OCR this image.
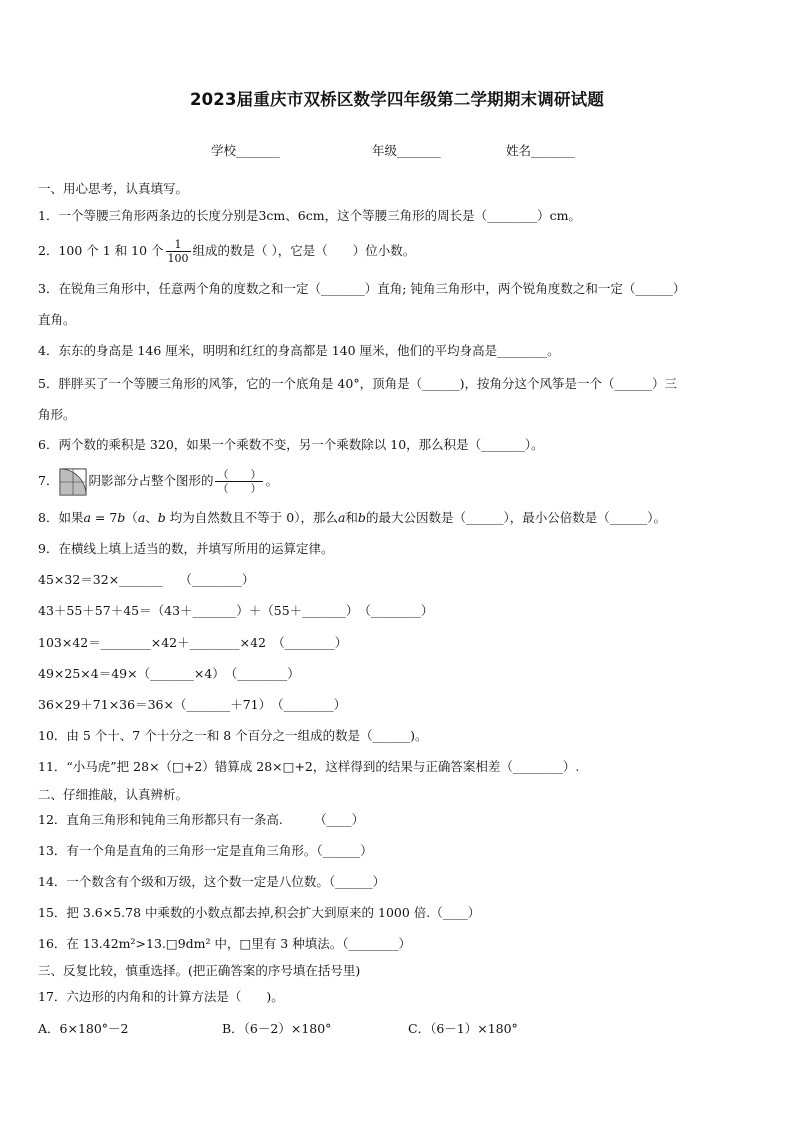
2023届重庆市双桥区数学四年级第二学期期末调研试题
学校_______	年级_______	姓名_______
一、用心思考，认真填写。
1．一个等腰三角形两条边的长度分别是3cm、6cm，这个等腰三角形的周长是（________）cm。
2．100 个 1 和 10 个 $\frac{1}{100}$ 组成的数是（ ），它是（　　）位小数。
3．在锐角三角形中，任意两个角的度数之和一定（_______）直角; 钝角三角形中，两个锐角度数之和一定（______）
直角。
4．东东的身高是 146 厘米，明明和红红的身高都是 140 厘米，他们的平均身高是________。
5．胖胖买了一个等腰三角形的风筝，它的一个底角是 40°，顶角是（______)，按角分这个风筝是一个（______）三
角形。
6．两个数的乘积是 320，如果一个乘数不变，另一个乘数除以 10，那么积是（_______）。
7． 阴影部分占整个图形的 $\frac{( )}{( )}$ 。
8．如果a = 7b（a、b 均为自然数且不等于 0），那么a和b的最大公因数是（______），最小公倍数是（______）。
9．在横线上填上适当的数，并填写所用的运算定律。
45×32＝32×_______　 （________）
43＋55＋57＋45＝（43＋_______）＋（55＋_______）　（________）
103×42＝________×42＋________×42　（________）
49×25×4＝49×（_______×4）　（________）
36×29＋71×36＝36×（_______＋71）　（________）
10．由 5 个十、7 个十分之一和 8 个百分之一组成的数是（______)。
11．“小马虎”把 28×（□+2）错算成 28×□+2，这样得到的结果与正确答案相差（________）.
二、仔细推敲，认真辨析。
12．直角三角形和钝角三角形都只有一条高.　　　（____）
13．有一个角是直角的三角形一定是直角三角形。（______）
14．一个数含有个级和万级，这个数一定是八位数。（______）
15．把 3.6×5.78 中乘数的小数点都去掉,积会扩大到原来的 1000 倍.（____）
16．在 13.42m²>13.□9dm² 中，□里有 3 种填法。（________）
三、反复比较，慎重选择。(把正确答案的序号填在括号里)
17．六边形的内角和的计算方法是（　　)。
A．6×180°－2	B．（6－2）×180°	C．（6－1）×180°
